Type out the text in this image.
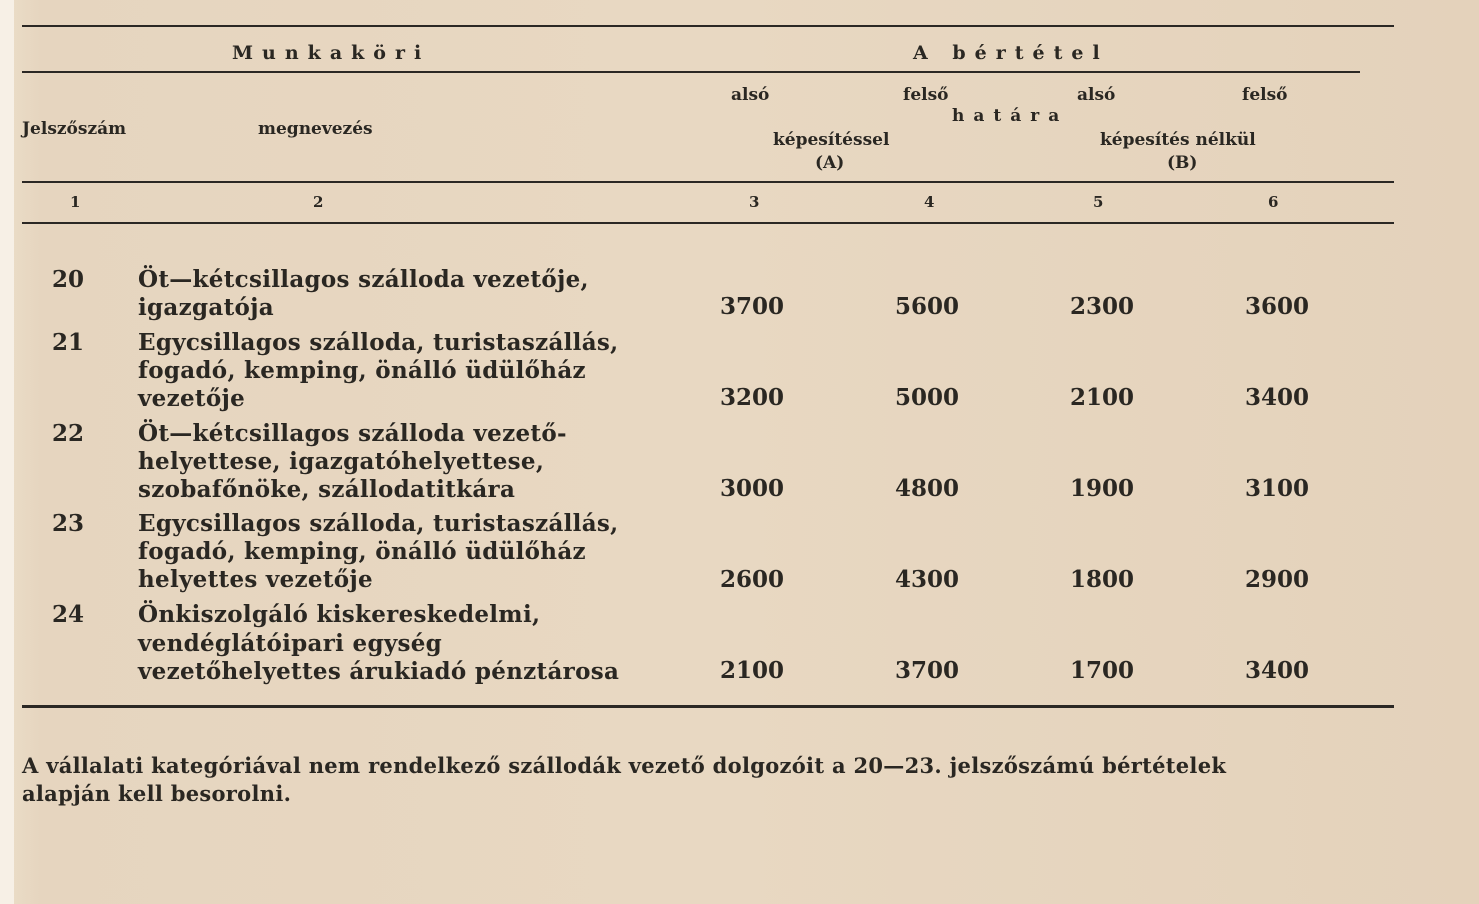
Munkaköri	A bértétel
Jelszőszám	megnevezés
alsó	felső	alsó	felső
határa
képesítéssel
(A)
képesítés nélkül
(B)
1	2	3	4	5	6
20 Öt—kétcsillagos szálloda vezetője,
igazgatója	3700	5600	2300	3600
21 Egycsillagos szálloda, turistaszállás,
fogadó, kemping, önálló üdülőház
vezetője	3200	5000	2100	3400
22 Öt—kétcsillagos szálloda vezető-
helyettese, igazgatóhelyettese,
szobafőnöke, szállodatitkára	3000	4800	1900	3100
23 Egycsillagos szálloda, turistaszállás,
fogadó, kemping, önálló üdülőház
helyettes vezetője	2600	4300	1800	2900
24 Önkiszolgáló kiskereskedelmi,
vendéglátóipari egység
vezetőhelyettes árukiadó pénztárosa	2100	3700	1700	3400
A vállalati kategóriával nem rendelkező szállodák vezető dolgozóit a 20—23. jelszőszámú bértételek
alapján kell besorolni.
